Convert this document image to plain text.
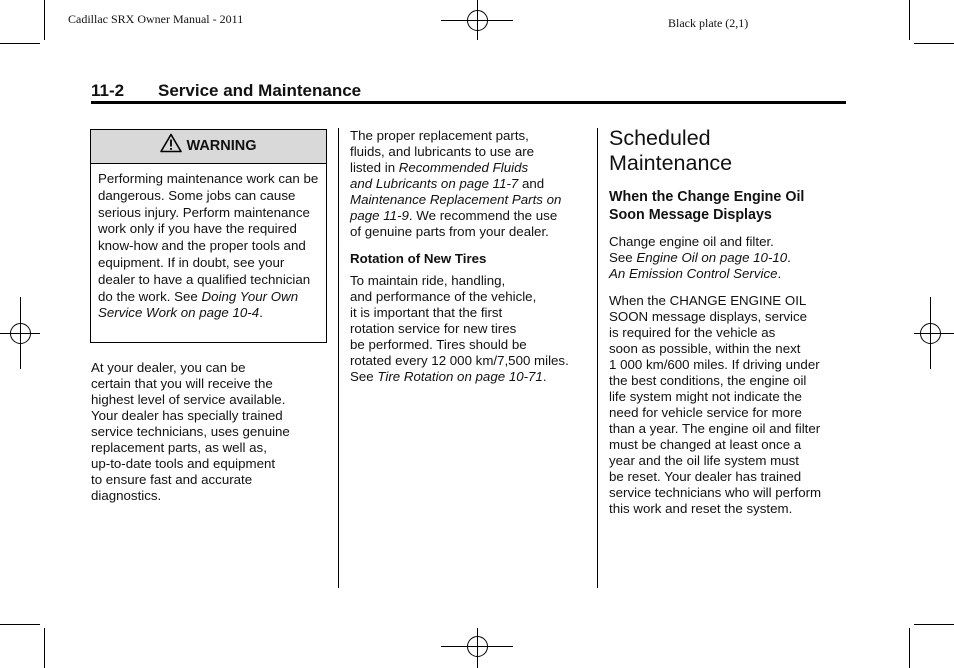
Cadillac SRX Owner Manual - 2011	Black plate (2,1)
11-2 Service and Maintenance
WARNING
Performing maintenance work can be dangerous. Some jobs can cause serious injury. Perform maintenance work only if you have the required know-how and the proper tools and equipment. If in doubt, see your dealer to have a qualified technician do the work. See Doing Your Own Service Work on page 10-4.
At your dealer, you can be
certain that you will receive the
highest level of service available.
Your dealer has specially trained
service technicians, uses genuine
replacement parts, as well as,
up-to-date tools and equipment
to ensure fast and accurate
diagnostics.

The proper replacement parts,
fluids, and lubricants to use are
listed in Recommended Fluids
and Lubricants on page 11-7 and
Maintenance Replacement Parts on
page 11-9. We recommend the use
of genuine parts from your dealer.

Rotation of New Tires

To maintain ride, handling,
and performance of the vehicle,
it is important that the first
rotation service for new tires
be performed. Tires should be
rotated every 12 000 km/7,500 miles.
See Tire Rotation on page 10-71.

Scheduled
Maintenance
When the Change Engine Oil
Soon Message Displays

Change engine oil and filter.
See Engine Oil on page 10-10.
An Emission Control Service.

When the CHANGE ENGINE OIL
SOON message displays, service
is required for the vehicle as
soon as possible, within the next
1 000 km/600 miles. If driving under
the best conditions, the engine oil
life system might not indicate the
need for vehicle service for more
than a year. The engine oil and filter
must be changed at least once a
year and the oil life system must
be reset. Your dealer has trained
service technicians who will perform
this work and reset the system.
